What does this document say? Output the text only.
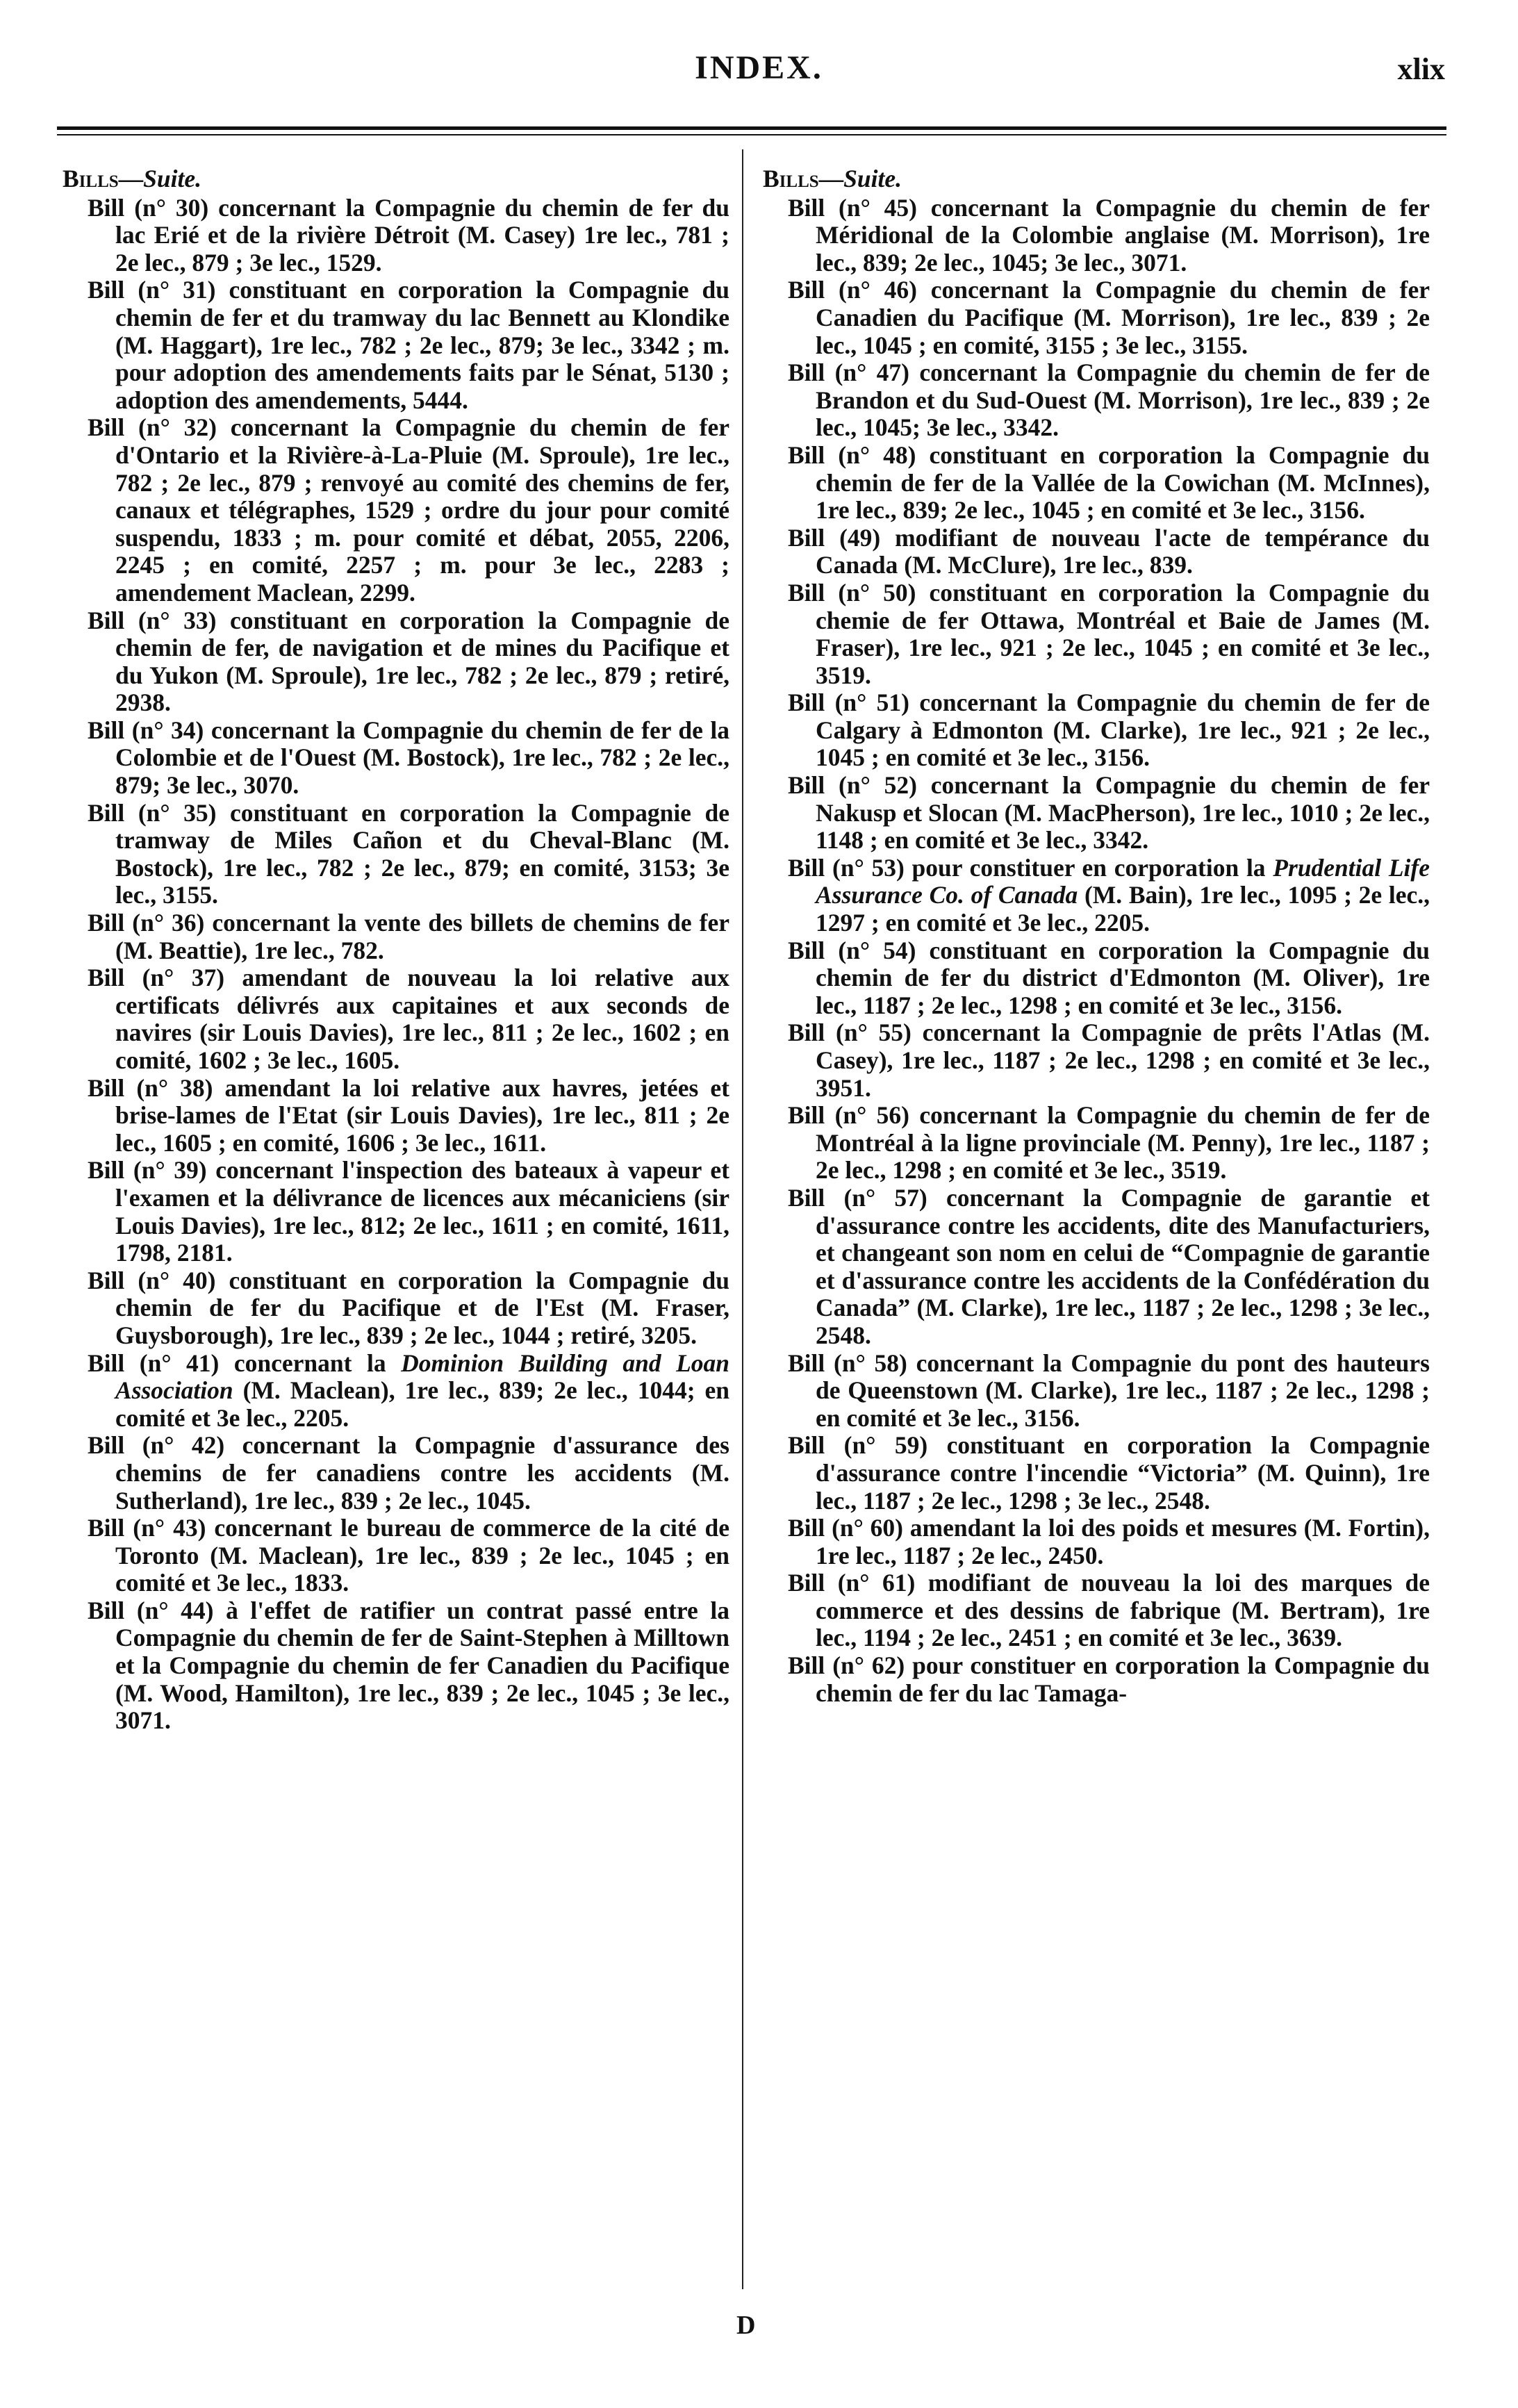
INDEX.	xlix
Bills—Suite.

Bill (n° 30) concernant la Compagnie du chemin de fer du lac Erié et de la rivière Détroit (M. Casey) 1re lec., 781 ; 2e lec., 879 ; 3e lec., 1529.

Bill (n° 31) constituant en corporation la Compagnie du chemin de fer et du tramway du lac Bennett au Klondike (M. Haggart), 1re lec., 782 ; 2e lec., 879; 3e lec., 3342 ; m. pour adoption des amendements faits par le Sénat, 5130 ; adoption des amendements, 5444.

Bill (n° 32) concernant la Compagnie du chemin de fer d'Ontario et la Rivière-à-La-Pluie (M. Sproule), 1re lec., 782 ; 2e lec., 879 ; renvoyé au comité des chemins de fer, canaux et télégraphes, 1529 ; ordre du jour pour comité suspendu, 1833 ; m. pour comité et débat, 2055, 2206, 2245 ; en comité, 2257 ; m. pour 3e lec., 2283 ; amendement Maclean, 2299.

Bill (n° 33) constituant en corporation la Compagnie de chemin de fer, de navigation et de mines du Pacifique et du Yukon (M. Sproule), 1re lec., 782 ; 2e lec., 879 ; retiré, 2938.

Bill (n° 34) concernant la Compagnie du chemin de fer de la Colombie et de l'Ouest (M. Bostock), 1re lec., 782 ; 2e lec., 879; 3e lec., 3070.

Bill (n° 35) constituant en corporation la Compagnie de tramway de Miles Cañon et du Cheval-Blanc (M. Bostock), 1re lec., 782 ; 2e lec., 879; en comité, 3153; 3e lec., 3155.

Bill (n° 36) concernant la vente des billets de chemins de fer (M. Beattie), 1re lec., 782.

Bill (n° 37) amendant de nouveau la loi relative aux certificats délivrés aux capitaines et aux seconds de navires (sir Louis Davies), 1re lec., 811 ; 2e lec., 1602 ; en comité, 1602 ; 3e lec., 1605.

Bill (n° 38) amendant la loi relative aux havres, jetées et brise-lames de l'Etat (sir Louis Davies), 1re lec., 811 ; 2e lec., 1605 ; en comité, 1606 ; 3e lec., 1611.

Bill (n° 39) concernant l'inspection des bateaux à vapeur et l'examen et la délivrance de licences aux mécaniciens (sir Louis Davies), 1re lec., 812; 2e lec., 1611 ; en comité, 1611, 1798, 2181.

Bill (n° 40) constituant en corporation la Compagnie du chemin de fer du Pacifique et de l'Est (M. Fraser, Guysborough), 1re lec., 839 ; 2e lec., 1044 ; retiré, 3205.

Bill (n° 41) concernant la Dominion Building and Loan Association (M. Maclean), 1re lec., 839; 2e lec., 1044; en comité et 3e lec., 2205.

Bill (n° 42) concernant la Compagnie d'assurance des chemins de fer canadiens contre les accidents (M. Sutherland), 1re lec., 839 ; 2e lec., 1045.

Bill (n° 43) concernant le bureau de commerce de la cité de Toronto (M. Maclean), 1re lec., 839 ; 2e lec., 1045 ; en comité et 3e lec., 1833.

Bill (n° 44) à l'effet de ratifier un contrat passé entre la Compagnie du chemin de fer de Saint-Stephen à Milltown et la Compagnie du chemin de fer Canadien du Pacifique (M. Wood, Hamilton), 1re lec., 839 ; 2e lec., 1045 ; 3e lec., 3071.

Bills—Suite.

Bill (n° 45) concernant la Compagnie du chemin de fer Méridional de la Colombie anglaise (M. Morrison), 1re lec., 839; 2e lec., 1045; 3e lec., 3071.

Bill (n° 46) concernant la Compagnie du chemin de fer Canadien du Pacifique (M. Morrison), 1re lec., 839 ; 2e lec., 1045 ; en comité, 3155 ; 3e lec., 3155.

Bill (n° 47) concernant la Compagnie du chemin de fer de Brandon et du Sud-Ouest (M. Morrison), 1re lec., 839 ; 2e lec., 1045; 3e lec., 3342.

Bill (n° 48) constituant en corporation la Compagnie du chemin de fer de la Vallée de la Cowichan (M. McInnes), 1re lec., 839; 2e lec., 1045 ; en comité et 3e lec., 3156.

Bill (49) modifiant de nouveau l'acte de tempérance du Canada (M. McClure), 1re lec., 839.

Bill (n° 50) constituant en corporation la Compagnie du chemie de fer Ottawa, Montréal et Baie de James (M. Fraser), 1re lec., 921 ; 2e lec., 1045 ; en comité et 3e lec., 3519.

Bill (n° 51) concernant la Compagnie du chemin de fer de Calgary à Edmonton (M. Clarke), 1re lec., 921 ; 2e lec., 1045 ; en comité et 3e lec., 3156.

Bill (n° 52) concernant la Compagnie du chemin de fer Nakusp et Slocan (M. MacPherson), 1re lec., 1010 ; 2e lec., 1148 ; en comité et 3e lec., 3342.

Bill (n° 53) pour constituer en corporation la Prudential Life Assurance Co. of Canada (M. Bain), 1re lec., 1095 ; 2e lec., 1297 ; en comité et 3e lec., 2205.

Bill (n° 54) constituant en corporation la Compagnie du chemin de fer du district d'Edmonton (M. Oliver), 1re lec., 1187 ; 2e lec., 1298 ; en comité et 3e lec., 3156.

Bill (n° 55) concernant la Compagnie de prêts l'Atlas (M. Casey), 1re lec., 1187 ; 2e lec., 1298 ; en comité et 3e lec., 3951.

Bill (n° 56) concernant la Compagnie du chemin de fer de Montréal à la ligne provinciale (M. Penny), 1re lec., 1187 ; 2e lec., 1298 ; en comité et 3e lec., 3519.

Bill (n° 57) concernant la Compagnie de garantie et d'assurance contre les accidents, dite des Manufacturiers, et changeant son nom en celui de “Compagnie de garantie et d'assurance contre les accidents de la Confédération du Canada” (M. Clarke), 1re lec., 1187 ; 2e lec., 1298 ; 3e lec., 2548.

Bill (n° 58) concernant la Compagnie du pont des hauteurs de Queenstown (M. Clarke), 1re lec., 1187 ; 2e lec., 1298 ; en comité et 3e lec., 3156.

Bill (n° 59) constituant en corporation la Compagnie d'assurance contre l'incendie “Victoria” (M. Quinn), 1re lec., 1187 ; 2e lec., 1298 ; 3e lec., 2548.

Bill (n° 60) amendant la loi des poids et mesures (M. Fortin), 1re lec., 1187 ; 2e lec., 2450.

Bill (n° 61) modifiant de nouveau la loi des marques de commerce et des dessins de fabrique (M. Bertram), 1re lec., 1194 ; 2e lec., 2451 ; en comité et 3e lec., 3639.

Bill (n° 62) pour constituer en corporation la Compagnie du chemin de fer du lac Tamaga-

D
